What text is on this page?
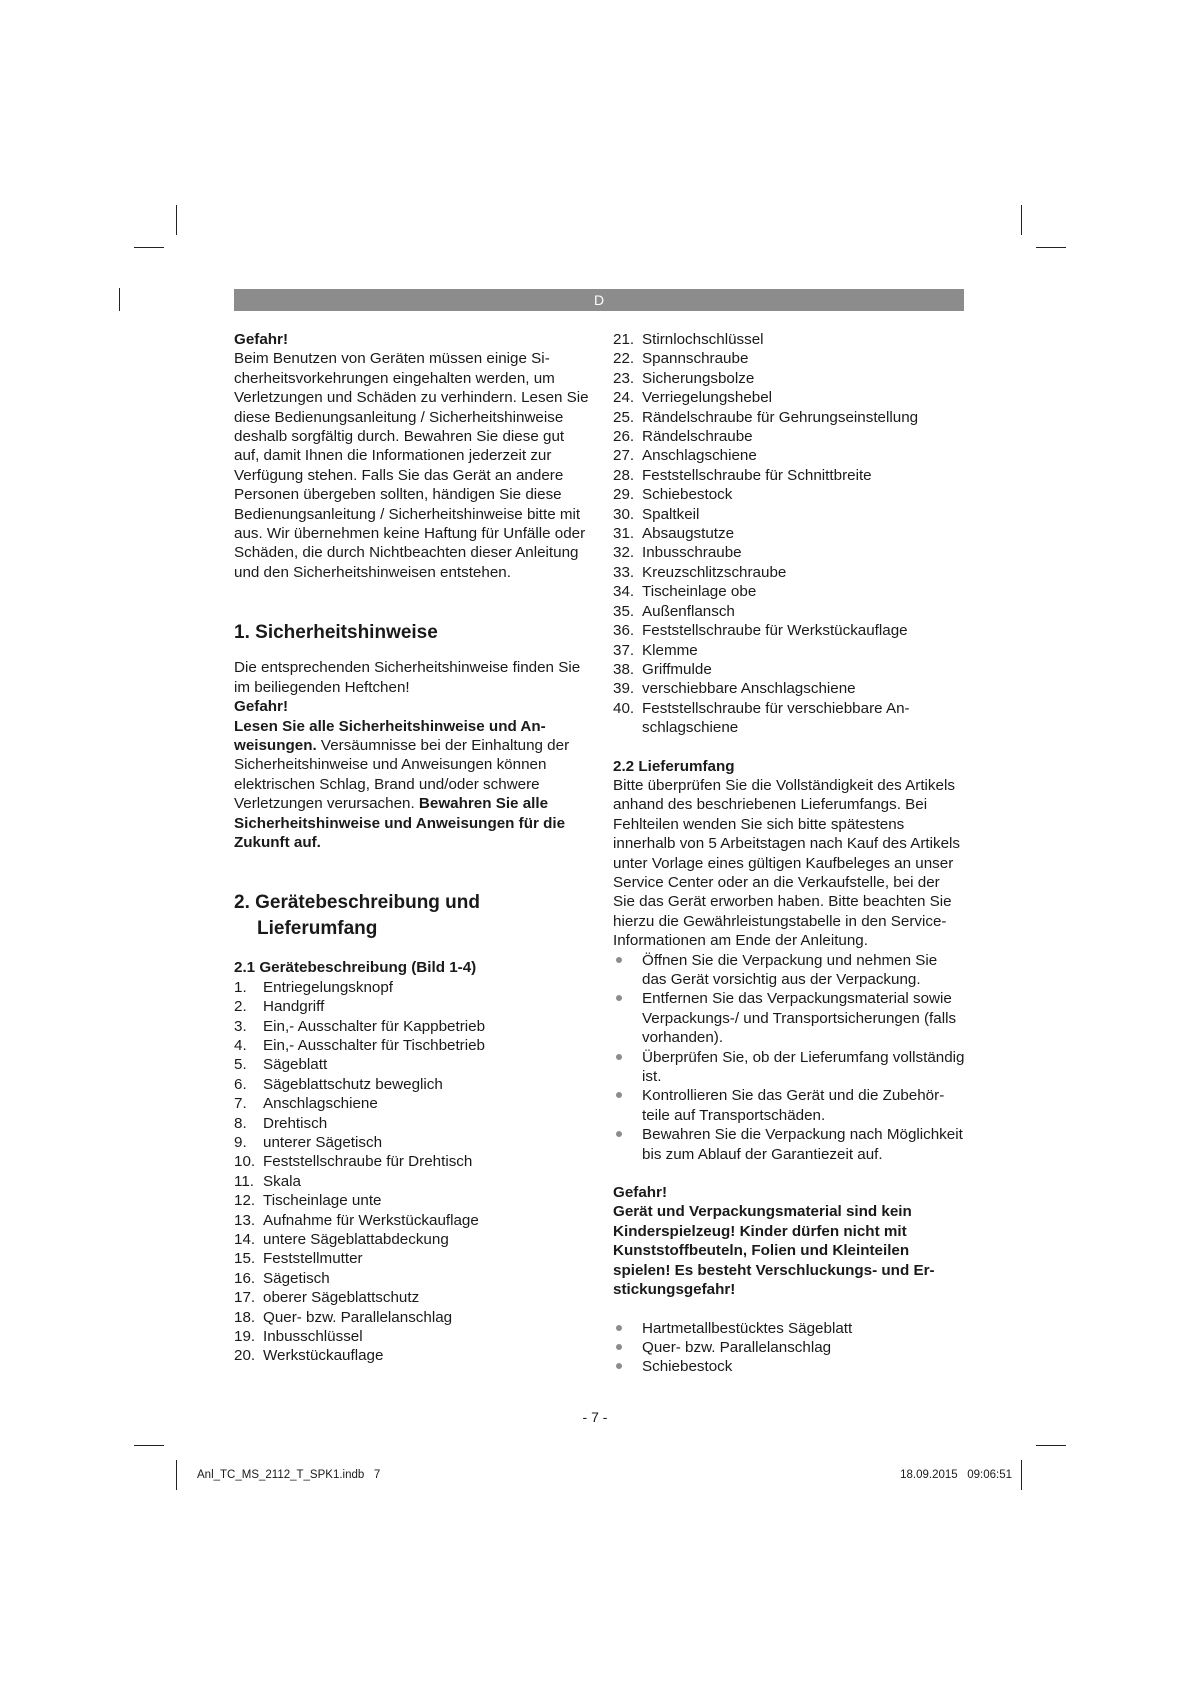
D

Gefahr!

Beim Benutzen von Geräten müssen einige Sicherheitsvorkehrungen eingehalten werden, um Verletzungen und Schäden zu verhindern. Lesen Sie diese Bedienungsanleitung / Sicherheitshinweise deshalb sorgfältig durch. Bewahren Sie diese gut auf, damit Ihnen die Informationen jederzeit zur Verfügung stehen. Falls Sie das Gerät an andere Personen übergeben sollten, händigen Sie diese Bedienungsanleitung / Sicherheitshinweise bitte mit aus. Wir übernehmen keine Haftung für Unfälle oder Schäden, die durch Nichtbeachten dieser Anleitung und den Sicherheitshinweisen entstehen.

1. Sicherheitshinweise

Die entsprechenden Sicherheitshinweise finden Sie im beiliegenden Heftchen!

Gefahr!

Lesen Sie alle Sicherheitshinweise und Anweisungen. Versäumnisse bei der Einhaltung der Sicherheitshinweise und Anweisungen können elektrischen Schlag, Brand und/oder schwere Verletzungen verursachen. Bewahren Sie alle Sicherheitshinweise und Anweisungen für die Zukunft auf.

2. Gerätebeschreibung und
Lieferumfang

2.1 Gerätebeschreibung (Bild 1-4)

1. Entriegelungsknopf
2. Handgriff
3. Ein,- Ausschalter für Kappbetrieb
4. Ein,- Ausschalter für Tischbetrieb
5. Sägeblatt
6. Sägeblattschutz beweglich
7. Anschlagschiene
8. Drehtisch
9. unterer Sägetisch
10. Feststellschraube für Drehtisch
11. Skala
12. Tischeinlage unte
13. Aufnahme für Werkstückauflage
14. untere Sägeblattabdeckung
15. Feststellmutter
16. Sägetisch
17. oberer Sägeblattschutz
18. Quer- bzw. Parallelanschlag
19. Inbusschlüssel
20. Werkstückauflage
21. Stirnlochschlüssel
22. Spannschraube
23. Sicherungsbolze
24. Verriegelungshebel
25. Rändelschraube für Gehrungseinstellung
26. Rändelschraube
27. Anschlagschiene
28. Feststellschraube für Schnittbreite
29. Schiebestock
30. Spaltkeil
31. Absaugstutze
32. Inbusschraube
33. Kreuzschlitzschraube
34. Tischeinlage obe
35. Außenflansch
36. Feststellschraube für Werkstückauflage
37. Klemme
38. Griffmulde
39. verschiebbare Anschlagschiene
40. Feststellschraube für verschiebbare Anschlagschiene

2.2 Lieferumfang

Bitte überprüfen Sie die Vollständigkeit des Artikels anhand des beschriebenen Lieferumfangs. Bei Fehlteilen wenden Sie sich bitte spätestens innerhalb von 5 Arbeitstagen nach Kauf des Artikels unter Vorlage eines gültigen Kaufbeleges an unser Service Center oder an die Verkaufstelle, bei der Sie das Gerät erworben haben. Bitte beachten Sie hierzu die Gewährleistungstabelle in den Service-Informationen am Ende der Anleitung.

Öffnen Sie die Verpackung und nehmen Sie das Gerät vorsichtig aus der Verpackung.
Entfernen Sie das Verpackungsmaterial sowie Verpackungs-/ und Transportsicherungen (falls vorhanden).
Überprüfen Sie, ob der Lieferumfang vollständig ist.
Kontrollieren Sie das Gerät und die Zubehörteile auf Transportschäden.
Bewahren Sie die Verpackung nach Möglichkeit bis zum Ablauf der Garantiezeit auf.

Gefahr!

Gerät und Verpackungsmaterial sind kein Kinderspielzeug! Kinder dürfen nicht mit Kunststoffbeuteln, Folien und Kleinteilen spielen! Es besteht Verschluckungs- und Erstickungsgefahr!

Hartmetallbestücktes Sägeblatt
Quer- bzw. Parallelanschlag
Schiebestock
- 7 -
Anl_TC_MS_2112_T_SPK1.indb   7	18.09.2015   09:06:51
